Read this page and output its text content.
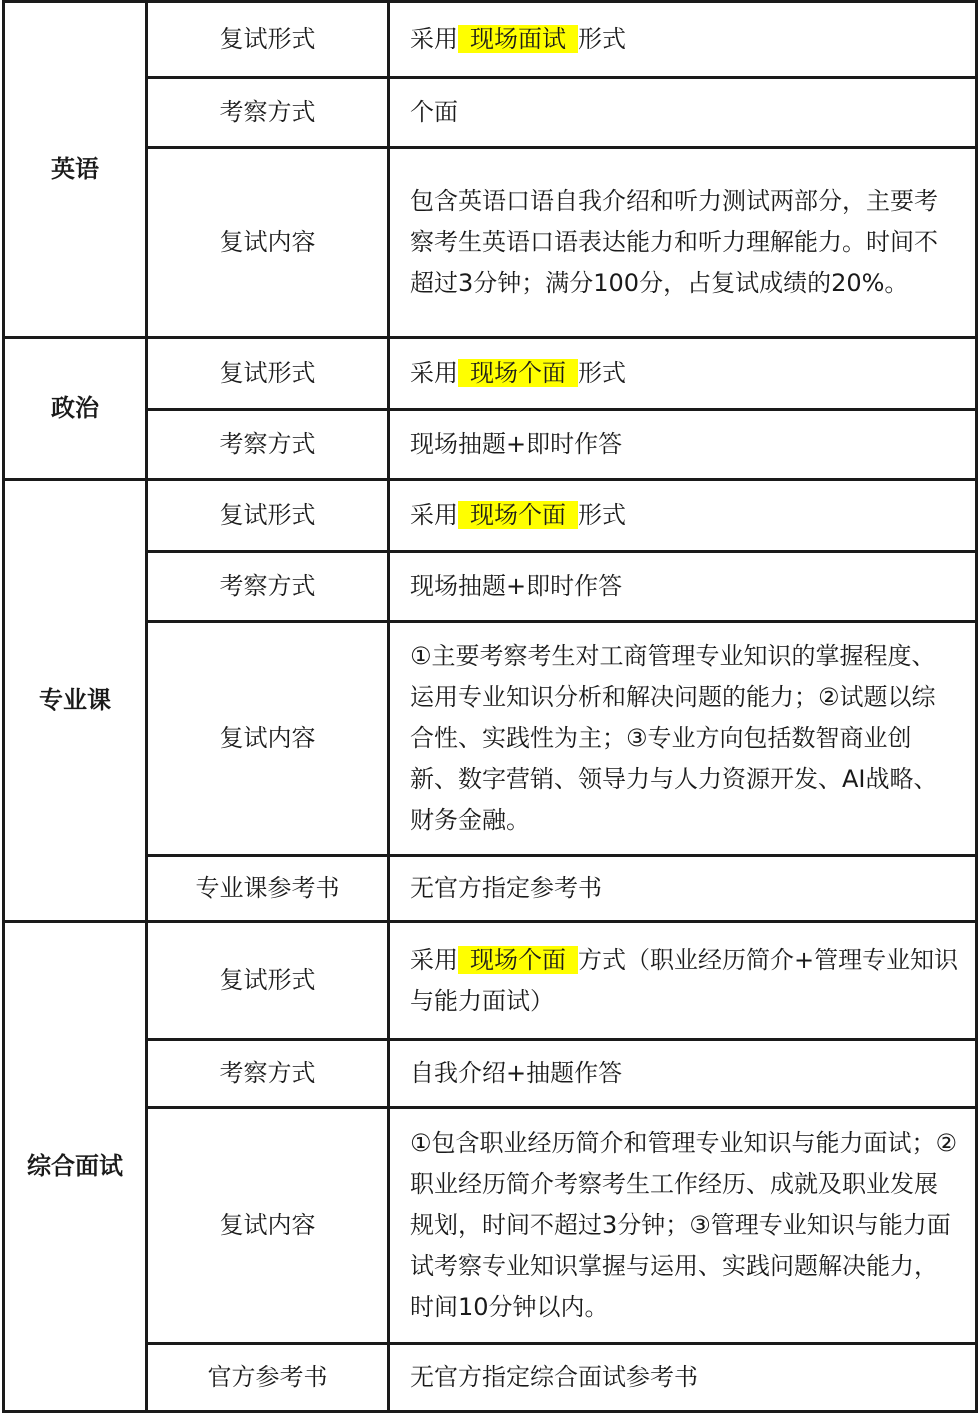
英语	复试形式	采用 现场面试 形式
	考察方式	个面
	复试内容	包含英语口语自我介绍和听力测试两部分，主要考察考生英语口语表达能力和听力理解能力。时间不超过3分钟；满分100分，占复试成绩的20%。
政治	复试形式	采用 现场个面 形式
	考察方式	现场抽题+即时作答
专业课	复试形式	采用 现场个面 形式
	考察方式	现场抽题+即时作答
	复试内容	①主要考察考生对工商管理专业知识的掌握程度、运用专业知识分析和解决问题的能力；②试题以综合性、实践性为主；③专业方向包括数智商业创新、数字营销、领导力与人力资源开发、AI战略、财务金融。
	专业课参考书	无官方指定参考书
综合面试	复试形式	采用 现场个面 方式（职业经历简介+管理专业知识与能力面试）
	考察方式	自我介绍+抽题作答
	复试内容	①包含职业经历简介和管理专业知识与能力面试；②职业经历简介考察考生工作经历、成就及职业发展规划，时间不超过3分钟；③管理专业知识与能力面试考察专业知识掌握与运用、实践问题解决能力，时间10分钟以内。
	官方参考书	无官方指定综合面试参考书
